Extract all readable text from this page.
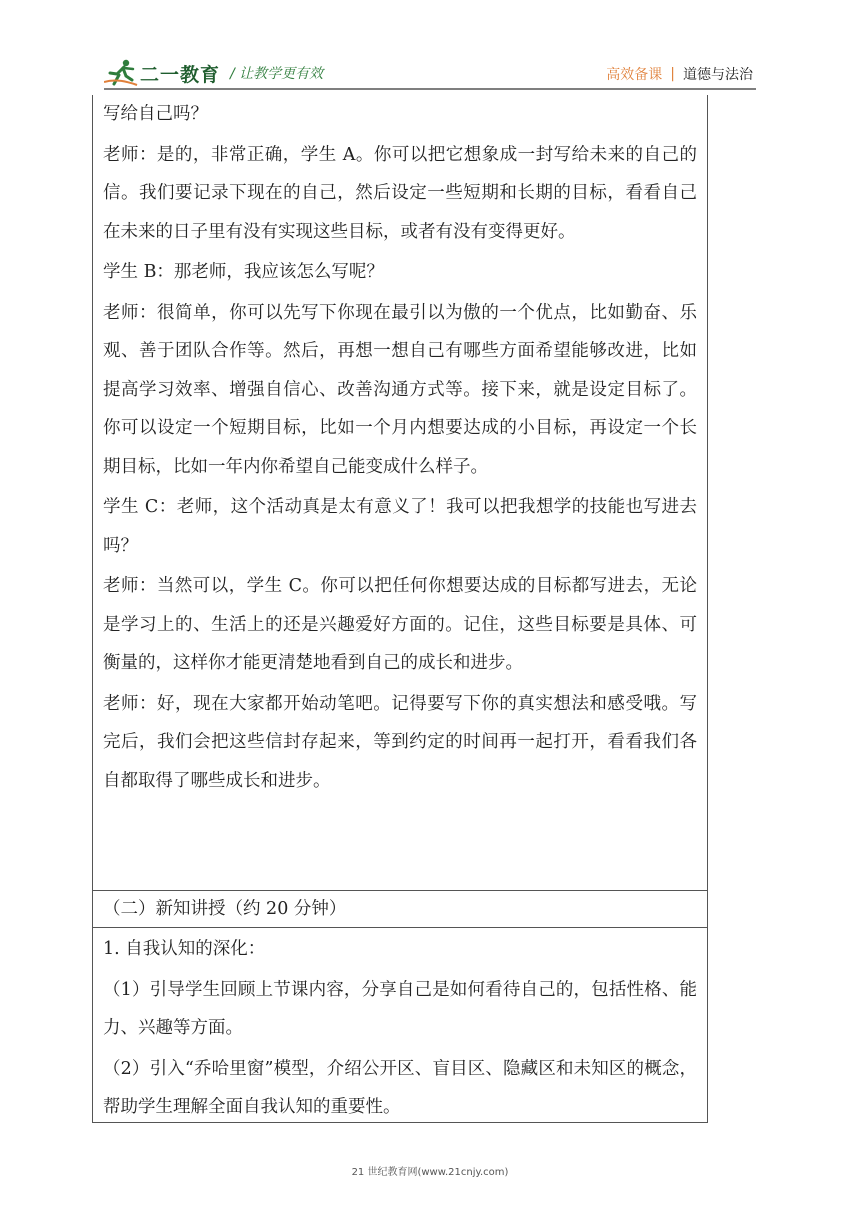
二一教育 / 让教学更有效	高效备课 | 道德与法治

写给自己吗？

老师：是的，非常正确，学生 A。你可以把它想象成一封写给未来的自己的信。我们要记录下现在的自己，然后设定一些短期和长期的目标，看看自己在未来的日子里有没有实现这些目标，或者有没有变得更好。

学生 B：那老师，我应该怎么写呢？

老师：很简单，你可以先写下你现在最引以为傲的一个优点，比如勤奋、乐观、善于团队合作等。然后，再想一想自己有哪些方面希望能够改进，比如提高学习效率、增强自信心、改善沟通方式等。接下来，就是设定目标了。你可以设定一个短期目标，比如一个月内想要达成的小目标，再设定一个长期目标，比如一年内你希望自己能变成什么样子。

学生 C：老师，这个活动真是太有意义了！我可以把我想学的技能也写进去吗？

老师：当然可以，学生 C。你可以把任何你想要达成的目标都写进去，无论是学习上的、生活上的还是兴趣爱好方面的。记住，这些目标要是具体、可衡量的，这样你才能更清楚地看到自己的成长和进步。

老师：好，现在大家都开始动笔吧。记得要写下你的真实想法和感受哦。写完后，我们会把这些信封存起来，等到约定的时间再一起打开，看看我们各自都取得了哪些成长和进步。

（二）新知讲授（约 20 分钟）

1. 自我认知的深化：

（1）引导学生回顾上节课内容，分享自己是如何看待自己的，包括性格、能力、兴趣等方面。

（2）引入“乔哈里窗”模型，介绍公开区、盲目区、隐藏区和未知区的概念，帮助学生理解全面自我认知的重要性。

21 世纪教育网(www.21cnjy.com)
